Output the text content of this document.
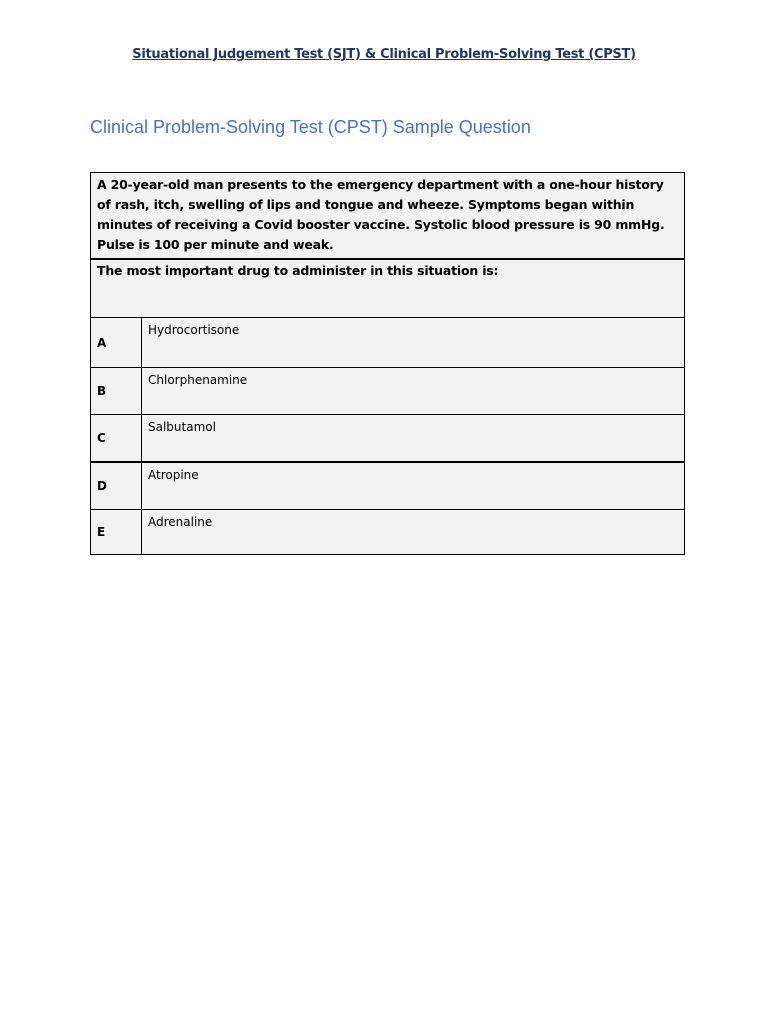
Situational Judgement Test (SJT) & Clinical Problem-Solving Test (CPST)
Clinical Problem-Solving Test (CPST) Sample Question
A 20-year-old man presents to the emergency department with a one-hour history of rash, itch, swelling of lips and tongue and wheeze. Symptoms began within minutes of receiving a Covid booster vaccine. Systolic blood pressure is 90 mmHg. Pulse is 100 per minute and weak.	
The most important drug to administer in this situation is:	
A	Hydrocortisone
B	Chlorphenamine
C	Salbutamol
D	Atropine
E	Adrenaline
